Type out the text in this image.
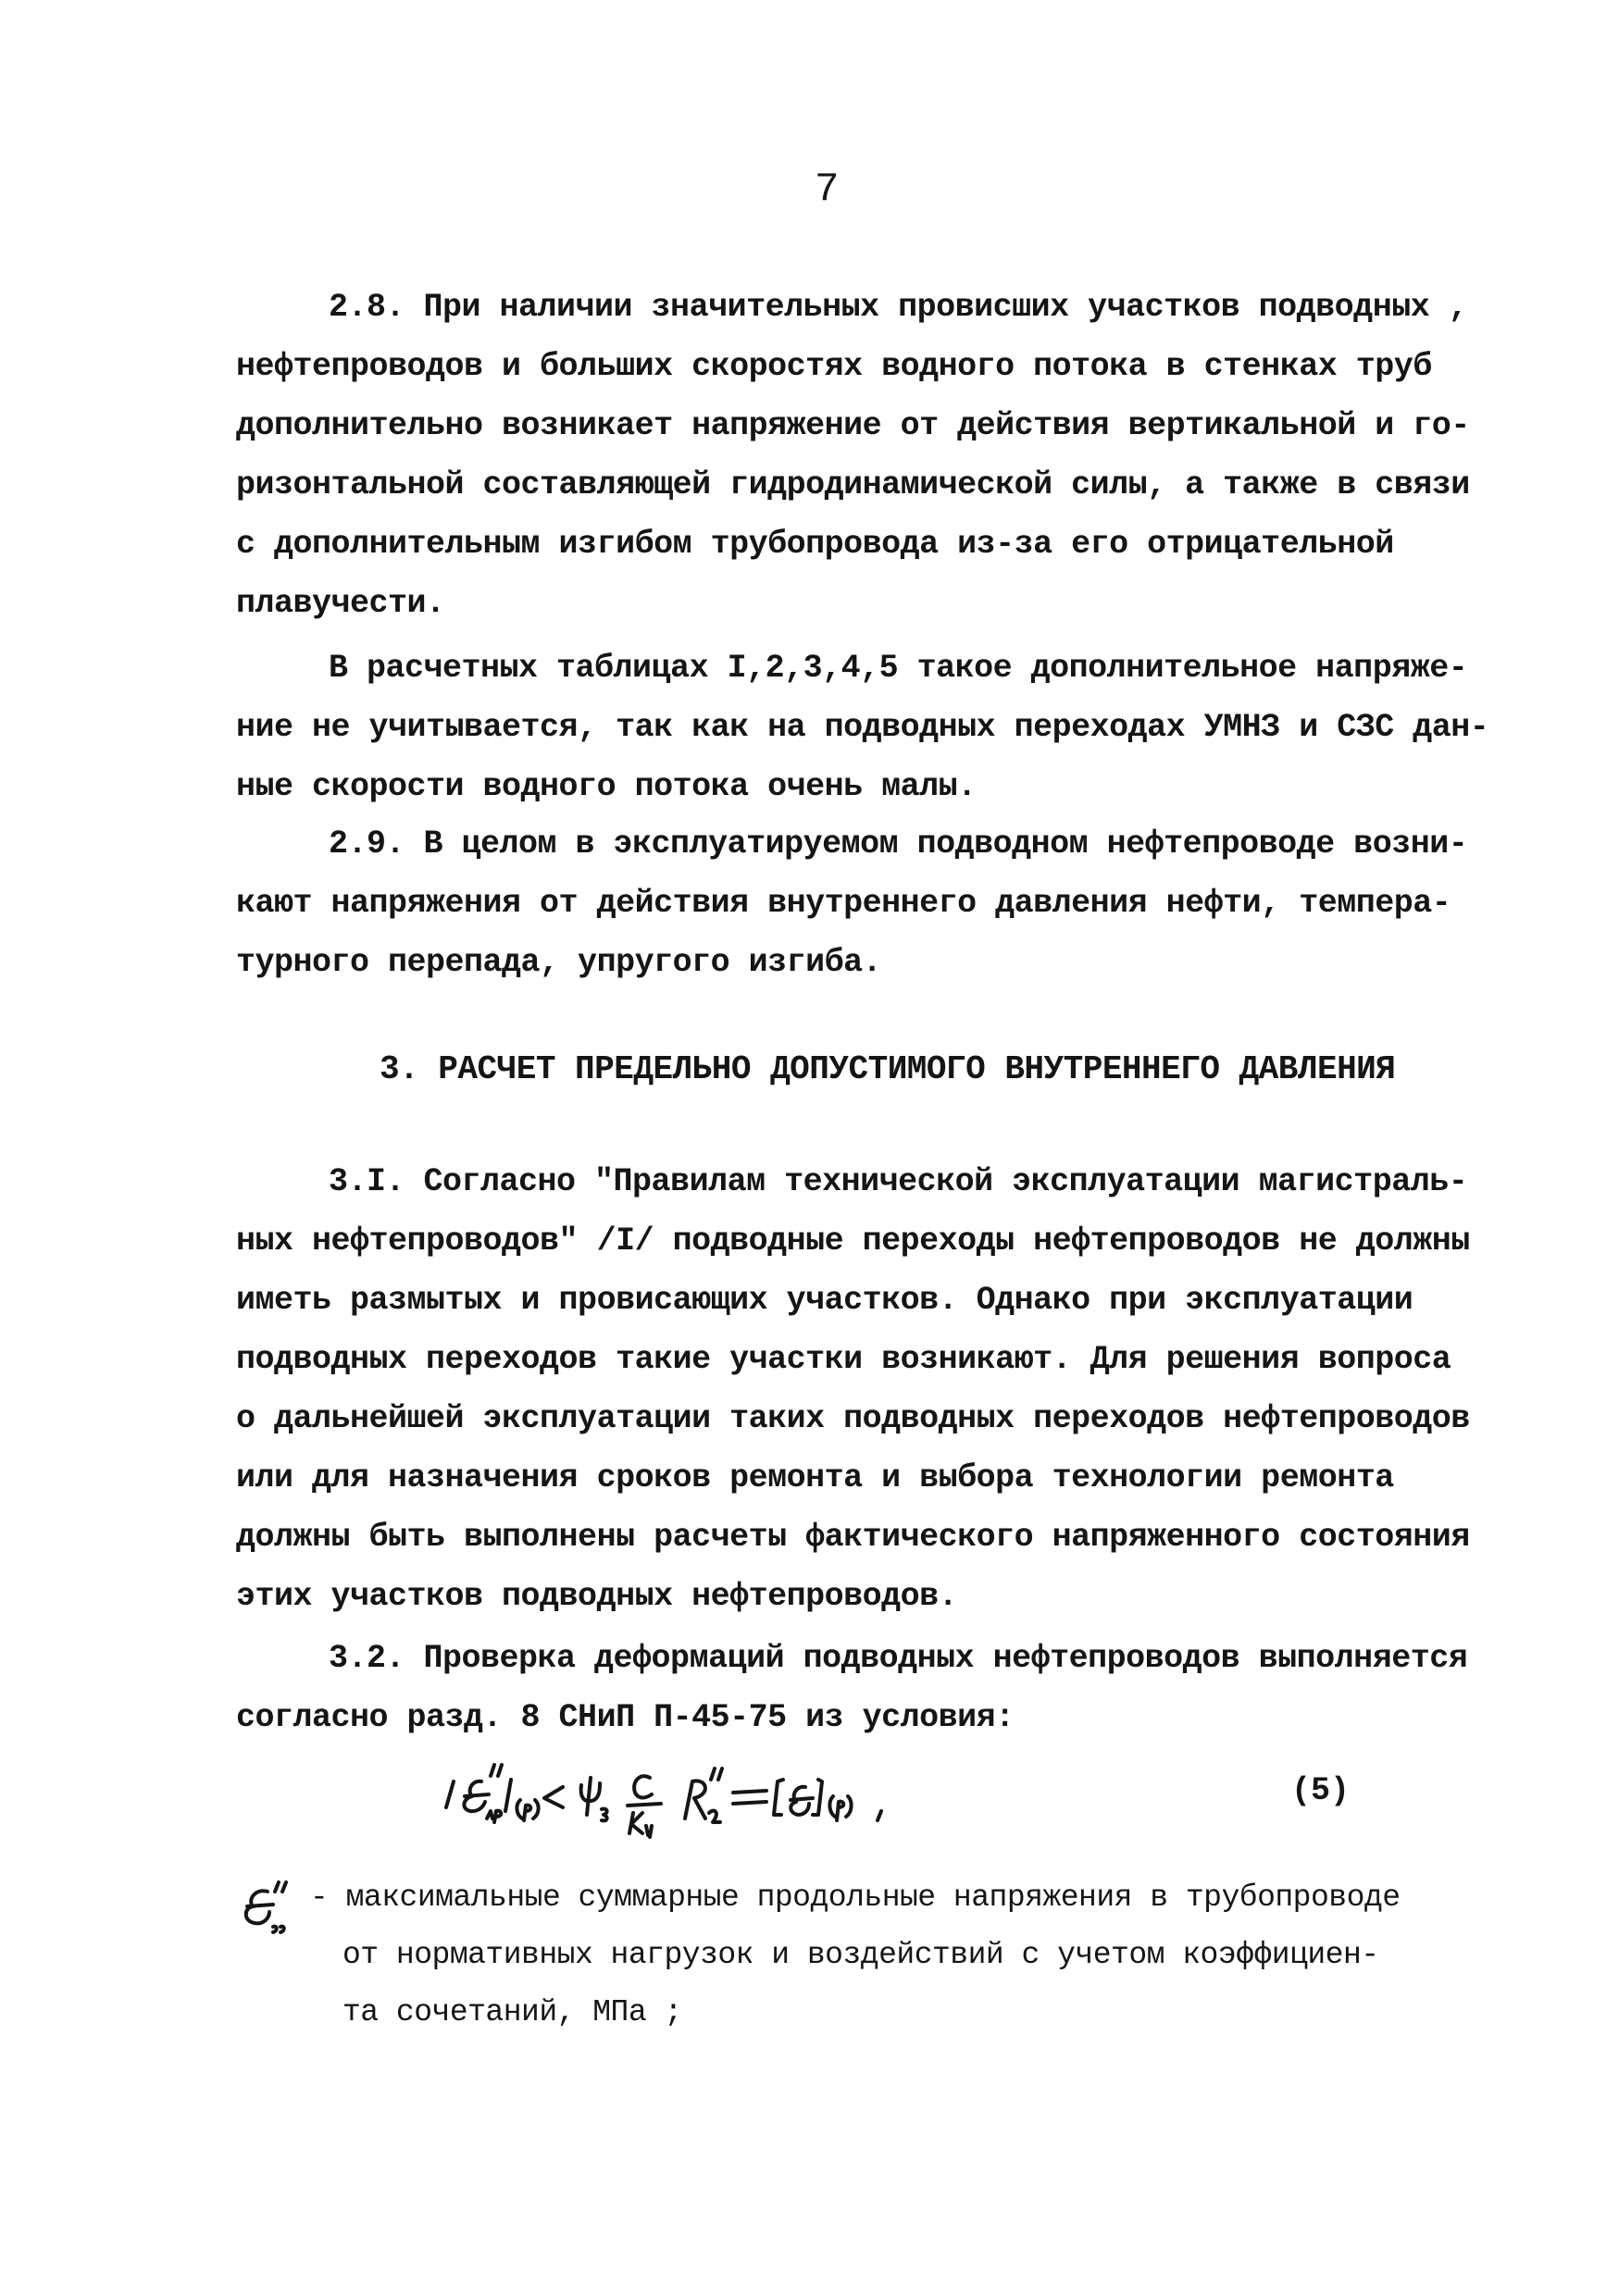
7
2.8. При наличии значительных провисших участков подводных ,
нефтепроводов и больших скоростях водного потока в стенках труб
дополнительно возникает напряжение от действия вертикальной и го-
ризонтальной составляющей гидродинамической силы, а также в связи
с дополнительным изгибом трубопровода из-за его отрицательной
плавучести.
В расчетных таблицах I,2,3,4,5 такое дополнительное напряже-
ние не учитывается, так как на подводных переходах УМНЗ и СЗС дан-
ные скорости водного потока очень малы.
2.9. В целом в эксплуатируемом подводном нефтепроводе возни-
кают напряжения от действия внутреннего давления нефти, темпера-
турного перепада, упругого изгиба.
3. РАСЧЕТ ПРЕДЕЛЬНО ДОПУСТИМОГО ВНУТРЕННЕГО ДАВЛЕНИЯ
3.I. Согласно "Правилам технической эксплуатации магистраль-
ных нефтепроводов" /I/ подводные переходы нефтепроводов не должны
иметь размытых и провисающих участков. Однако при эксплуатации
подводных переходов такие участки возникают. Для решения вопроса
о дальнейшей эксплуатации таких подводных переходов нефтепроводов
или для назначения сроков ремонта и выбора технологии ремонта
должны быть выполнены расчеты фактического напряженного состояния
этих участков подводных нефтепроводов.
3.2. Проверка деформаций подводных нефтепроводов выполняется
согласно разд. 8 СНиП П-45-75 из условия:
(5)
- максимальные суммарные продольные напряжения в трубопроводе
от нормативных нагрузок и воздействий с учетом коэффициен-
та сочетаний, МПа ;
